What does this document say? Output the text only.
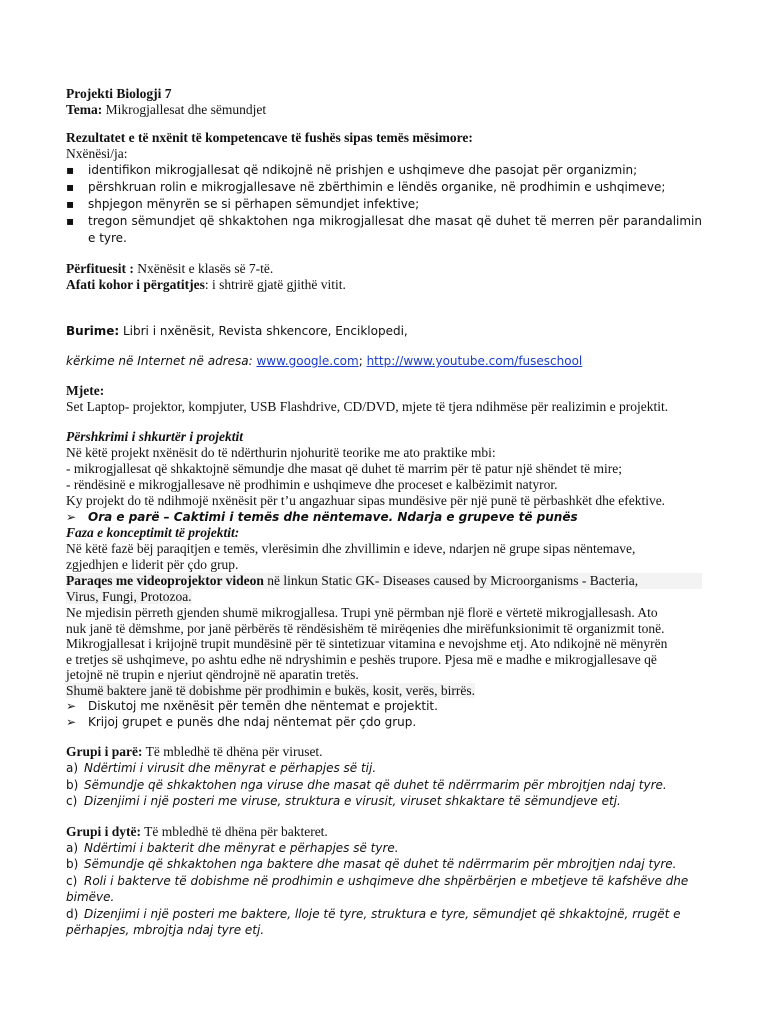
Projekti Biologji 7
Tema: Mikrogjallesat dhe sëmundjet
Rezultatet e të nxënit të kompetencave të fushës sipas temës mësimore:
Nxënësi/ja:
▪ identifikon mikrogjallesat që ndikojnë në prishjen e ushqimeve dhe pasojat për organizmin;
▪ përshkruan rolin e mikrogjallesave në zbërthimin e lëndës organike, në prodhimin e ushqimeve;
▪ shpjegon mënyrën se si përhapen sëmundjet infektive;
▪ tregon sëmundjet që shkaktohen nga mikrogjallesat dhe masat që duhet të merren për parandalimin e tyre.
Përfituesit : Nxënësit e klasës së 7-të.
Afati kohor i përgatitjes: i shtrirë gjatë gjithë vitit.
Burime: Libri i nxënësit, Revista shkencore, Enciklopedi,
kërkime në Internet në adresa: www.google.com; http://www.youtube.com/fuseschool
Mjete:
Set Laptop- projektor, kompjuter, USB Flashdrive, CD/DVD, mjete të tjera ndihmëse për realizimin e projektit.
Përshkrimi i shkurtër i projektit
Në këtë projekt nxënësit do të ndërthurin njohuritë teorike me ato praktike mbi:
- mikrogjallesat që shkaktojnë sëmundje dhe masat që duhet të marrim për të patur një shëndet të mire;
- rëndësinë e mikrogjallesave në prodhimin e ushqimeve dhe proceset e kalbëzimit natyror.
Ky projekt do të ndihmojë nxënësit për t’u angazhuar sipas mundësive për një punë të përbashkët dhe efektive.
➢ Ora e parë – Caktimi i temës dhe nëntemave. Ndarja e grupeve të punës
Faza e konceptimit të projektit:
Në këtë fazë bëj paraqitjen e temës, vlerësimin dhe zhvillimin e ideve, ndarjen në grupe sipas nëntemave,
zgjedhjen e liderit për çdo grup.
Paraqes me videoprojektor videon në linkun Static GK- Diseases caused by Microorganisms - Bacteria,
Virus, Fungi, Protozoa.
Ne mjedisin përreth gjenden shumë mikrogjallesa. Trupi ynë përmban një florë e vërtetë mikrogjallesash. Ato
nuk janë të dëmshme, por janë përbërës të rëndësishëm të mirëqenies dhe mirëfunksionimit të organizmit tonë.
Mikrogjallesat i krijojnë trupit mundësinë për të sintetizuar vitamina e nevojshme etj. Ato ndikojnë në mënyrën
e tretjes së ushqimeve, po ashtu edhe në ndryshimin e peshës trupore. Pjesa më e madhe e mikrogjallesave që
jetojnë në trupin e njeriut qëndrojnë në aparatin tretës.
Shumë baktere janë të dobishme për prodhimin e bukës, kosit, verës, birrës.
➢ Diskutoj me nxënësit për temën dhe nëntemat e projektit.
➢ Krijoj grupet e punës dhe ndaj nëntemat për çdo grup.
Grupi i parë: Të mbledhë të dhëna për viruset.
a) Ndërtimi i virusit dhe mënyrat e përhapjes së tij.
b) Sëmundje që shkaktohen nga viruse dhe masat që duhet të ndërrmarim për mbrojtjen ndaj tyre.
c) Dizenjimi i një posteri me viruse, struktura e virusit, viruset shkaktare të sëmundjeve etj.
Grupi i dytë: Të mbledhë të dhëna për bakteret.
a) Ndërtimi i bakterit dhe mënyrat e përhapjes së tyre.
b) Sëmundje që shkaktohen nga baktere dhe masat që duhet të ndërrmarim për mbrojtjen ndaj tyre.
c) Roli i bakterve të dobishme në prodhimin e ushqimeve dhe shpërbërjen e mbetjeve të kafshëve dhe bimëve.
d) Dizenjimi i një posteri me baktere, lloje të tyre, struktura e tyre, sëmundjet që shkaktojnë, rrugët e
përhapjes, mbrojtja ndaj tyre etj.
